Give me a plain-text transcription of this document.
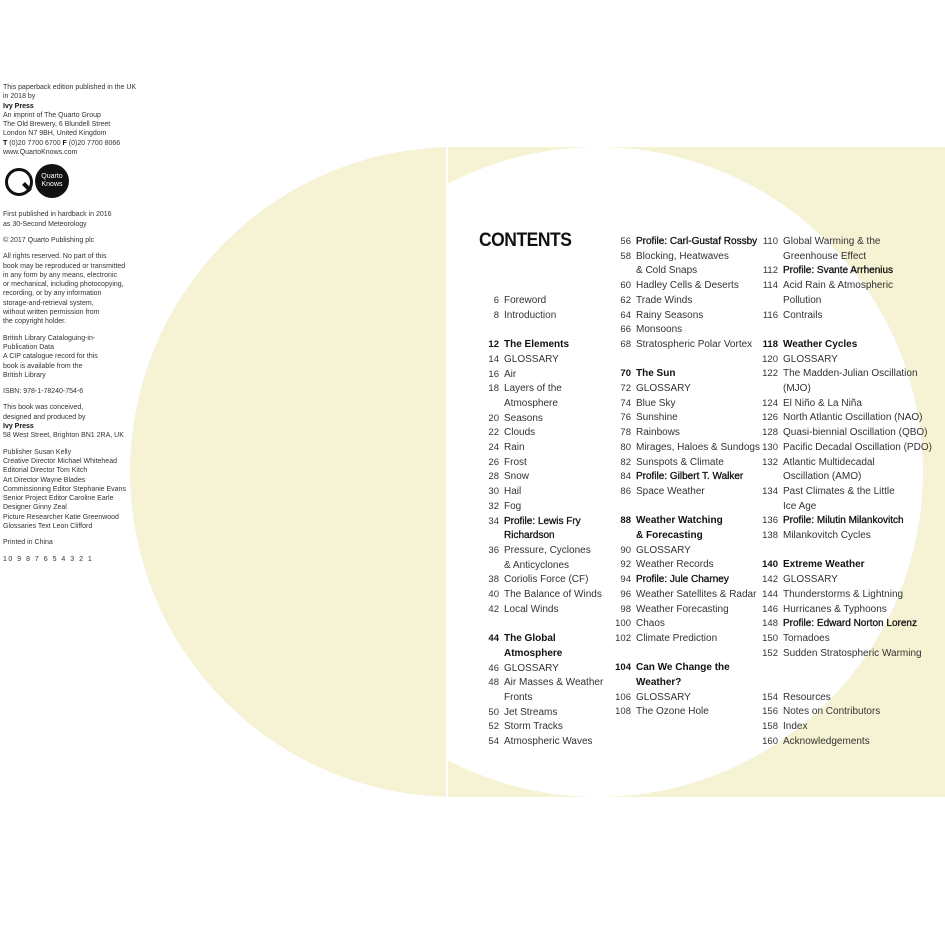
This paperback edition published in the UK in 2018 by
Ivy Press
An imprint of The Quarto Group
The Old Brewery, 6 Blundell Street
London N7 9BH, United Kingdom
T (0)20 7700 6700 F (0)20 7700 8066
www.QuartoKnows.com

Quarto
Knows

First published in hardback in 2016
as 30-Second Meteorology

© 2017 Quarto Publishing plc

All rights reserved. No part of this
book may be reproduced or transmitted
in any form by any means, electronic
or mechanical, including photocopying,
recording, or by any information
storage-and-retrieval system,
without written permission from
the copyright holder.

British Library Cataloguing-in-
Publication Data
A CIP catalogue record for this
book is available from the
British Library

ISBN: 978-1-78240-754-6

This book was conceived,
designed and produced by
Ivy Press
58 West Street, Brighton BN1 2RA, UK

Publisher Susan Kelly
Creative Director Michael Whitehead
Editorial Director Tom Kitch
Art Director Wayne Blades
Commissioning Editor Stephanie Evans
Senior Project Editor Caroline Earle
Designer Ginny Zeal
Picture Researcher Katie Greenwood
Glossaries Text Leon Clifford

Printed in China

10 9 8 7 6 5 4 3 2 1

CONTENTS
6 Foreword
8 Introduction
12 The Elements
14 GLOSSARY
16 Air
18 Layers of the Atmosphere
20 Seasons
22 Clouds
24 Rain
26 Frost
28 Snow
30 Hail
32 Fog
34 Profile: Lewis Fry
Richardson
36 Pressure, Cyclones
& Anticyclones
38 Coriolis Force (CF)
40 The Balance of Winds
42 Local Winds
44 The Global Atmosphere
46 GLOSSARY
48 Air Masses & Weather
Fronts
50 Jet Streams
52 Storm Tracks
54 Atmospheric Waves
56 Profile: Carl-Gustaf Rossby
58 Blocking, Heatwaves
& Cold Snaps
60 Hadley Cells & Deserts
62 Trade Winds
64 Rainy Seasons
66 Monsoons
68 Stratospheric Polar Vortex
70 The Sun
72 GLOSSARY
74 Blue Sky
76 Sunshine
78 Rainbows
80 Mirages, Haloes & Sundogs
82 Sunspots & Climate
84 Profile: Gilbert T. Walker
86 Space Weather
88 Weather Watching
& Forecasting
90 GLOSSARY
92 Weather Records
94 Profile: Jule Charney
96 Weather Satellites & Radar
98 Weather Forecasting
100 Chaos
102 Climate Prediction
104 Can We Change the
Weather?
106 GLOSSARY
108 The Ozone Hole
110 Global Warming & the
Greenhouse Effect
112 Profile: Svante Arrhenius
114 Acid Rain & Atmospheric
Pollution
116 Contrails
118 Weather Cycles
120 GLOSSARY
122 The Madden-Julian Oscillation (MJO)
124 El Niño & La Niña
126 North Atlantic Oscillation (NAO)
128 Quasi-biennial Oscillation (QBO)
130 Pacific Decadal Oscillation (PDO)
132 Atlantic Multidecadal
Oscillation (AMO)
134 Past Climates & the Little
Ice Age
136 Profile: Milutin Milankovitch
138 Milankovitch Cycles
140 Extreme Weather
142 GLOSSARY
144 Thunderstorms & Lightning
146 Hurricanes & Typhoons
148 Profile: Edward Norton Lorenz
150 Tornadoes
152 Sudden Stratospheric Warming
154 Resources
156 Notes on Contributors
158 Index
160 Acknowledgements
